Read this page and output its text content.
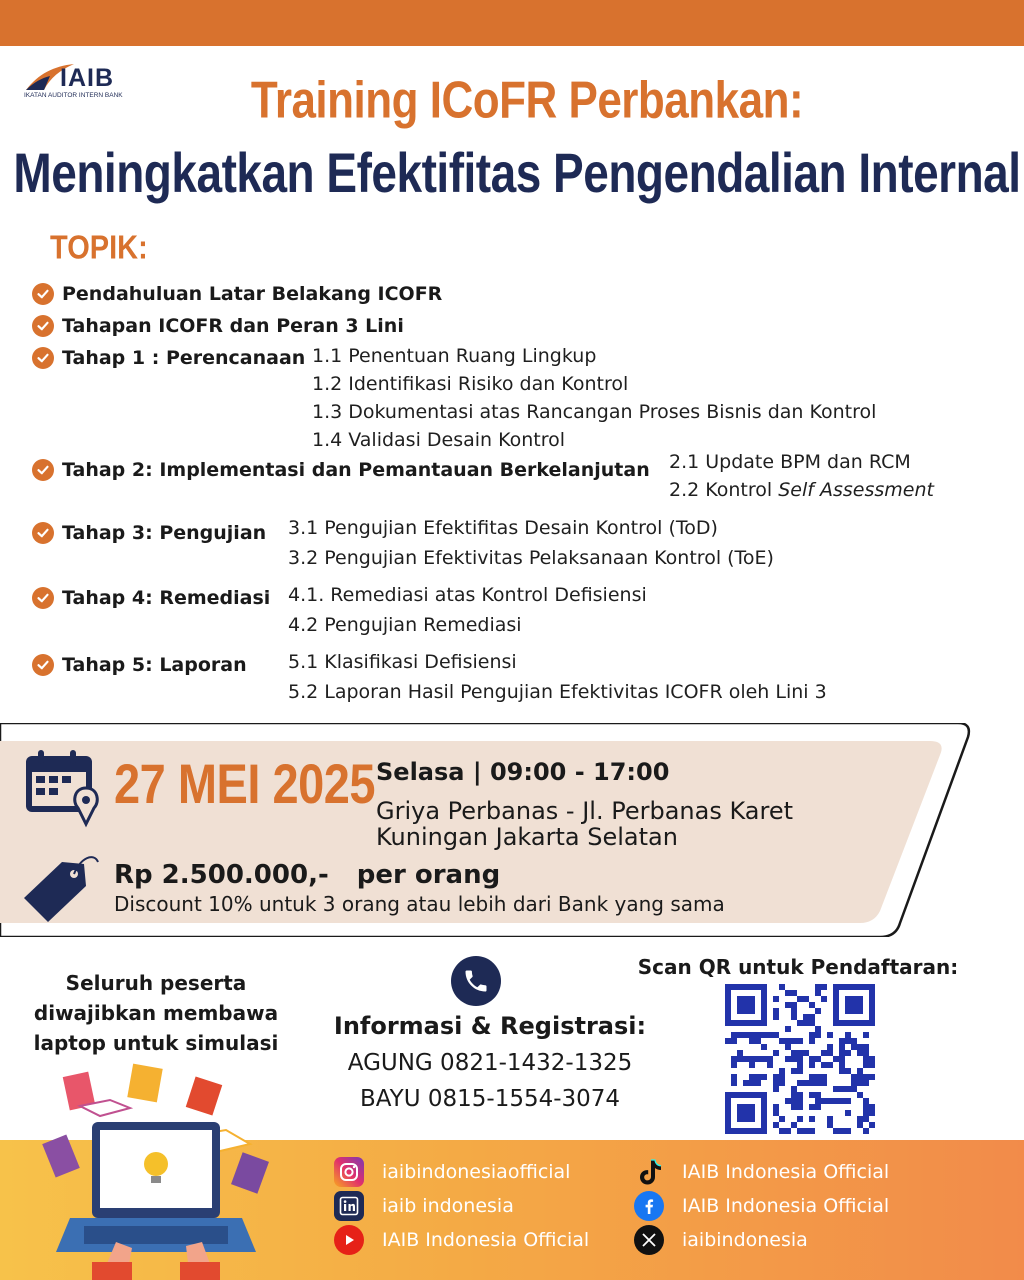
IAIB
IKATAN AUDITOR INTERN BANK	Training ICoFR Perbankan:
Meningkatkan Efektifitas Pengendalian Internal
TOPIK:
Pendahuluan Latar Belakang ICOFR
Tahapan ICOFR dan Peran 3 Lini
Tahap 1 : Perencanaan 1.1 Penentuan Ruang Lingkup
1.2 Identifikasi Risiko dan Kontrol
1.3 Dokumentasi atas Rancangan Proses Bisnis dan Kontrol
1.4 Validasi Desain Kontrol
Tahap 2: Implementasi dan Pemantauan Berkelanjutan 2.1 Update BPM dan RCM
2.2 Kontrol Self Assessment
Tahap 3: Pengujian 3.1 Pengujian Efektifitas Desain Kontrol (ToD)
3.2 Pengujian Efektivitas Pelaksanaan Kontrol (ToE)
Tahap 4: Remediasi 4.1. Remediasi atas Kontrol Defisiensi
4.2 Pengujian Remediasi
Tahap 5: Laporan 5.1 Klasifikasi Defisiensi
5.2 Laporan Hasil Pengujian Efektivitas ICOFR oleh Lini 3
27 MEI 2025 Selasa | 09:00 - 17:00
Griya Perbanas - Jl. Perbanas Karet
Kuningan Jakarta Selatan
Rp 2.500.000,- per orang
Discount 10% untuk 3 orang atau lebih dari Bank yang sama
Seluruh peserta
diwajibkan membawa
laptop untuk simulasi
Informasi & Registrasi:
AGUNG 0821-1432-1325
BAYU 0815-1554-3074
Scan QR untuk Pendaftaran:
iaibindonesiaofficial
iaib indonesia
IAIB Indonesia Official
IAIB Indonesia Official
IAIB Indonesia Official
iaibindonesia
